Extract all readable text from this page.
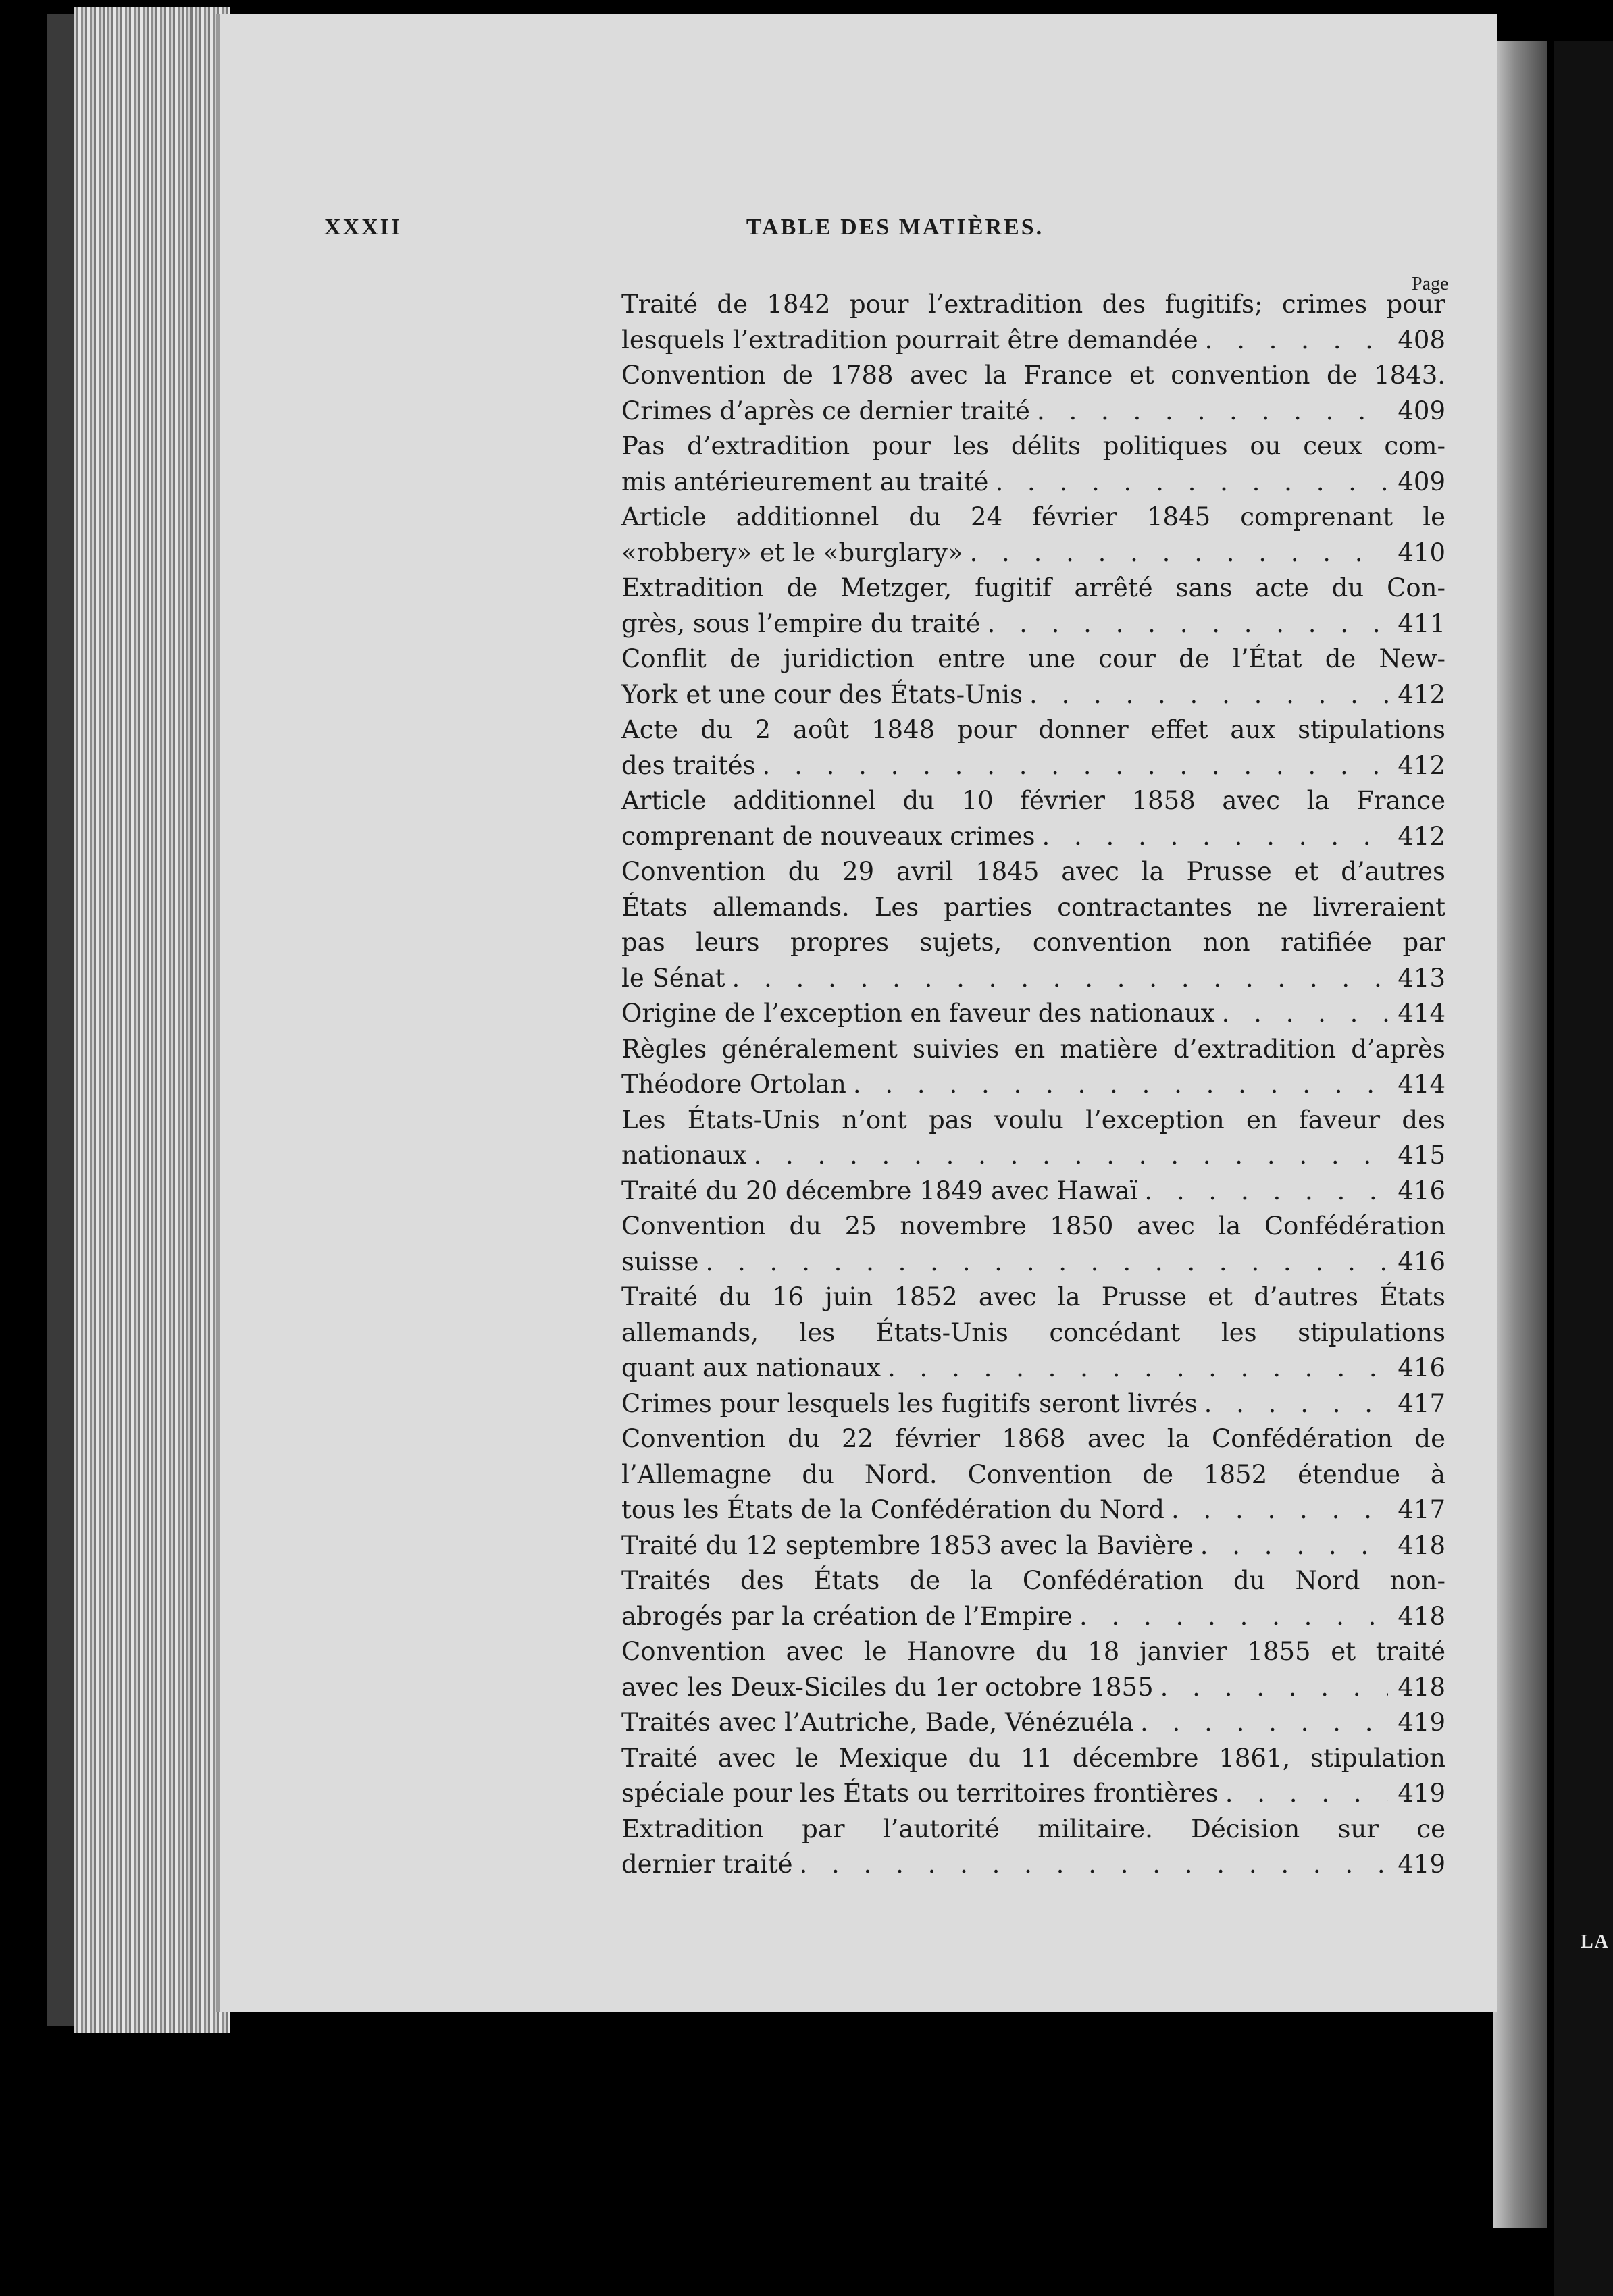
LA
XXXII	TABLE DES MATIÈRES.
Page
Traité de 1842 pour l’extradition des fugitifs; crimes pour
lesquels l’extradition pourrait être demandée . . .	408
Convention de 1788 avec la France et convention de 1843.
Crimes d’après ce dernier traité . . .	409
Pas d’extradition pour les délits politiques ou ceux com-
mis antérieurement au traité . . .	409
Article additionnel du 24 février 1845 comprenant le
«robbery» et le «burglary» . . .	410
Extradition de Metzger, fugitif arrêté sans acte du Con-
grès, sous l’empire du traité . . .	411
Conflit de juridiction entre une cour de l’État de New-
York et une cour des États-Unis . . .	412
Acte du 2 août 1848 pour donner effet aux stipulations
des traités . . .	412
Article additionnel du 10 février 1858 avec la France
comprenant de nouveaux crimes . . .	412
Convention du 29 avril 1845 avec la Prusse et d’autres
États allemands. Les parties contractantes ne livreraient
pas leurs propres sujets, convention non ratifiée par
le Sénat . . .	413
Origine de l’exception en faveur des nationaux . . .	414
Règles généralement suivies en matière d’extradition d’après
Théodore Ortolan . . .	414
Les États-Unis n’ont pas voulu l’exception en faveur des
nationaux . . .	415
Traité du 20 décembre 1849 avec Hawaï . . .	416
Convention du 25 novembre 1850 avec la Confédération
suisse . . .	416
Traité du 16 juin 1852 avec la Prusse et d’autres États
allemands, les États-Unis concédant les stipulations
quant aux nationaux . . .	416
Crimes pour lesquels les fugitifs seront livrés . . .	417
Convention du 22 février 1868 avec la Confédération de
l’Allemagne du Nord. Convention de 1852 étendue à
tous les États de la Confédération du Nord . . .	417
Traité du 12 septembre 1853 avec la Bavière . . .	418
Traités des États de la Confédération du Nord non-
abrogés par la création de l’Empire . . .	418
Convention avec le Hanovre du 18 janvier 1855 et traité
avec les Deux-Siciles du 1er octobre 1855 . . .	418
Traités avec l’Autriche, Bade, Vénézuéla . . .	419
Traité avec le Mexique du 11 décembre 1861, stipulation
spéciale pour les États ou territoires frontières . . .	419
Extradition par l’autorité militaire. Décision sur ce
dernier traité . . .	419
